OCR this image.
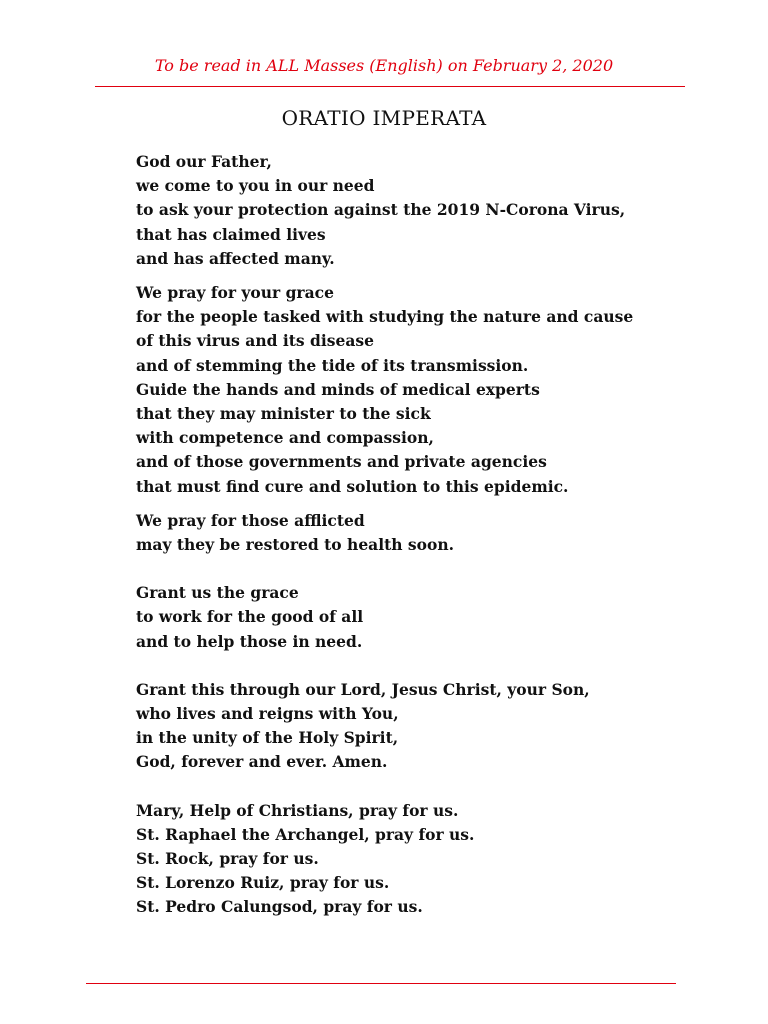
To be read in ALL Masses (English) on February 2, 2020
ORATIO IMPERATA
God our Father,
we come to you in our need
to ask your protection against the 2019 N-Corona Virus,
that has claimed lives
and has affected many.
We pray for your grace
for the people tasked with studying the nature and cause
of this virus and its disease
and of stemming the tide of its transmission.
Guide the hands and minds of medical experts
that they may minister to the sick
with competence and compassion,
and of those governments and private agencies
that must find cure and solution to this epidemic.
We pray for those afflicted
may they be restored to health soon.
Grant us the grace
to work for the good of all
and to help those in need.
Grant this through our Lord, Jesus Christ, your Son,
who lives and reigns with You,
in the unity of the Holy Spirit,
God, forever and ever. Amen.
Mary, Help of Christians, pray for us.
St. Raphael the Archangel, pray for us.
St. Rock, pray for us.
St. Lorenzo Ruiz, pray for us.
St. Pedro Calungsod, pray for us.
